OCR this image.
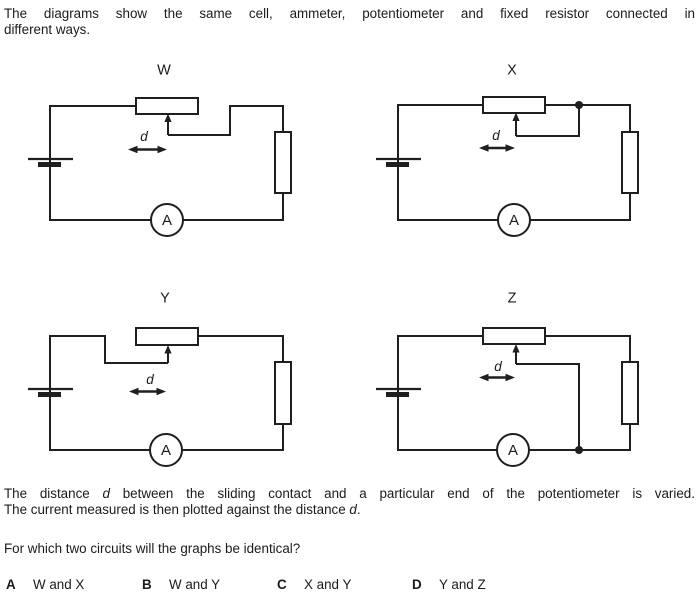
The diagrams show the same cell, ammeter, potentiometer and fixed resistor connected in
different ways.
W
d
A
X
d
A
Y
d
A
Z
d
A
The distance d between the sliding contact and a particular end of the potentiometer is varied.
The current measured is then plotted against the distance d.
For which two circuits will the graphs be identical?
A W and X	B W and Y	C X and Y	D Y and Z
